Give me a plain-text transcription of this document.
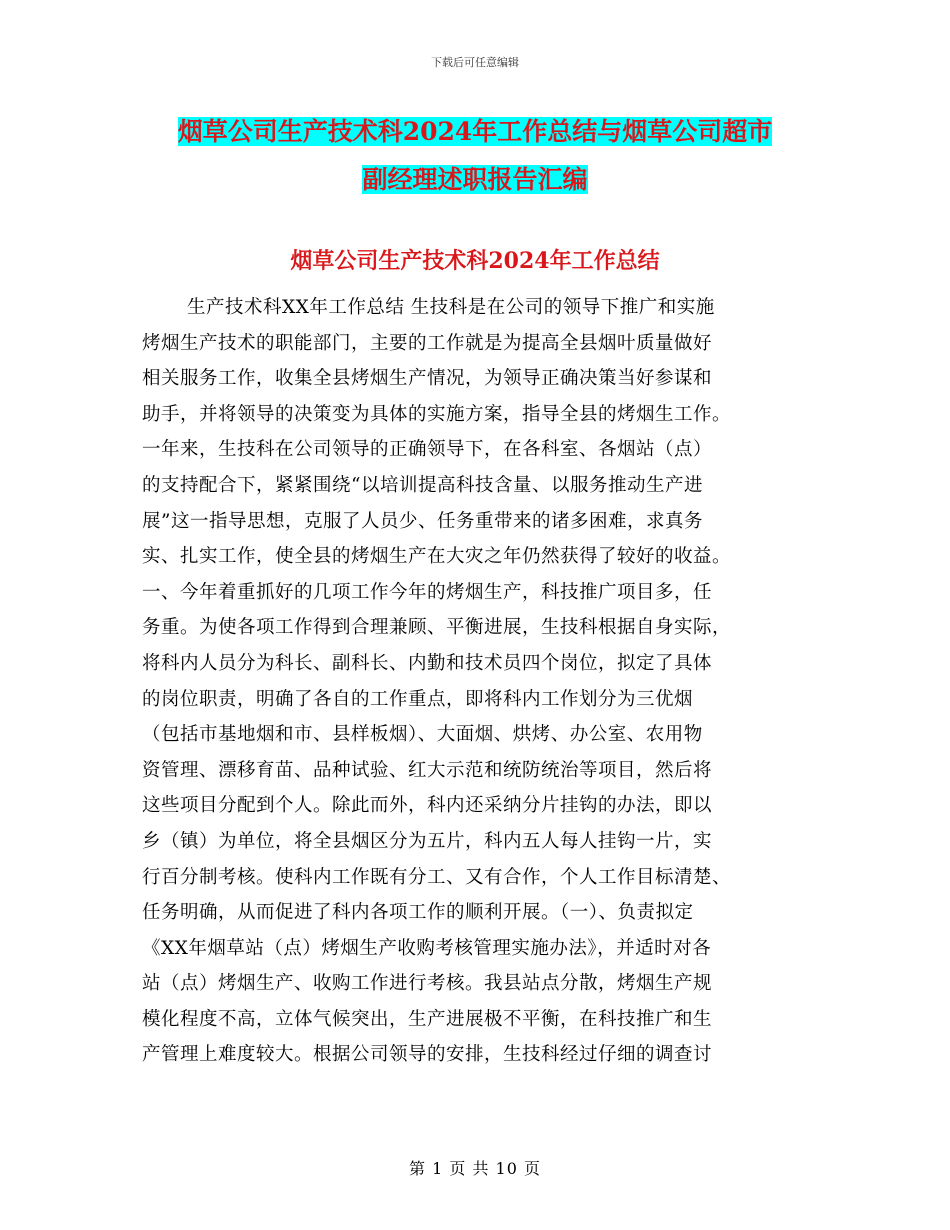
下载后可任意编辑
烟草公司生产技术科2024年工作总结与烟草公司超市
副经理述职报告汇编
烟草公司生产技术科2024年工作总结
生产技术科XX年工作总结 生技科是在公司的领导下推广和实施
烤烟生产技术的职能部门，主要的工作就是为提高全县烟叶质量做好
相关服务工作，收集全县烤烟生产情况，为领导正确决策当好参谋和
助手，并将领导的决策变为具体的实施方案，指导全县的烤烟生工作。
一年来，生技科在公司领导的正确领导下，在各科室、各烟站（点）
的支持配合下，紧紧围绕“以培训提高科技含量、以服务推动生产进
展”这一指导思想，克服了人员少、任务重带来的诸多困难，求真务
实、扎实工作，使全县的烤烟生产在大灾之年仍然获得了较好的收益。
一、今年着重抓好的几项工作今年的烤烟生产，科技推广项目多，任
务重。为使各项工作得到合理兼顾、平衡进展，生技科根据自身实际，
将科内人员分为科长、副科长、内勤和技术员四个岗位，拟定了具体
的岗位职责，明确了各自的工作重点，即将科内工作划分为三优烟
（包括市基地烟和市、县样板烟）、大面烟、烘烤、办公室、农用物
资管理、漂移育苗、品种试验、红大示范和统防统治等项目，然后将
这些项目分配到个人。除此而外，科内还采纳分片挂钩的办法，即以
乡（镇）为单位，将全县烟区分为五片，科内五人每人挂钩一片，实
行百分制考核。使科内工作既有分工、又有合作，个人工作目标清楚、
任务明确，从而促进了科内各项工作的顺利开展。（一）、负责拟定
《XX年烟草站（点）烤烟生产收购考核管理实施办法》，并适时对各
站（点）烤烟生产、收购工作进行考核。我县站点分散，烤烟生产规
模化程度不高，立体气候突出，生产进展极不平衡，在科技推广和生
产管理上难度较大。根据公司领导的安排，生技科经过仔细的调查讨
第 1 页 共 10 页
